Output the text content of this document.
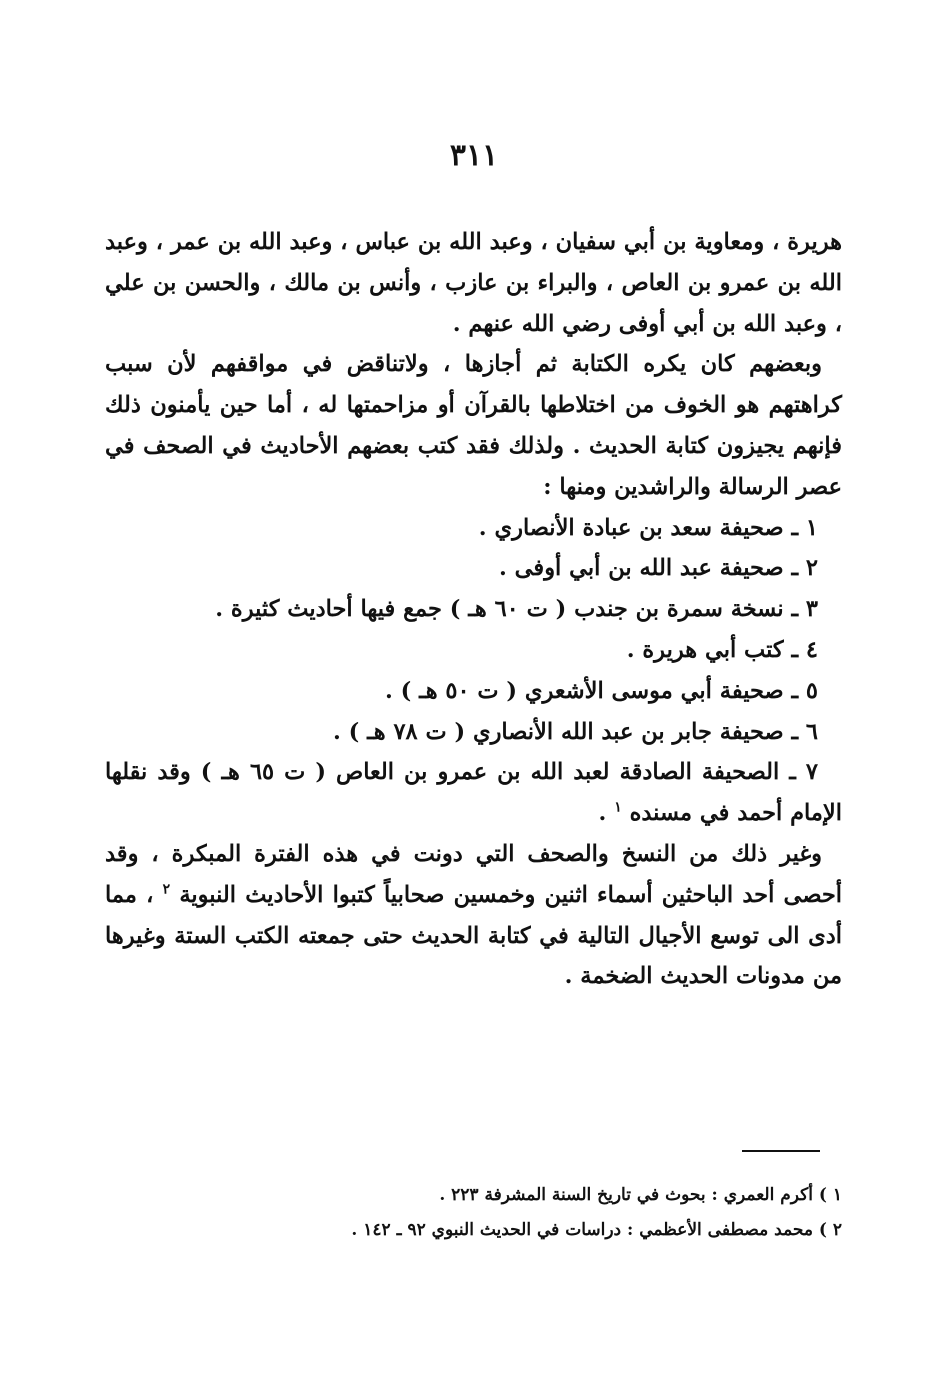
٣١١

هريرة ، ومعاوية بن أبي سفيان ، وعبد الله بن عباس ، وعبد الله بن عمر ، وعبد الله بن عمرو بن العاص ، والبراء بن عازب ، وأنس بن مالك ، والحسن بن علي ، وعبد الله بن أبي أوفى رضي الله عنهم .

وبعضهم كان يكره الكتابة ثم أجازها ، ولاتناقض في مواقفهم لأن سبب كراهتهم هو الخوف من اختلاطها بالقرآن أو مزاحمتها له ، أما حين يأمنون ذلك فإنهم يجيزون كتابة الحديث . ولذلك فقد كتب بعضهم الأحاديث في الصحف في عصر الرسالة والراشدين ومنها :

١ ـ صحيفة سعد بن عبادة الأنصاري .

٢ ـ صحيفة عبد الله بن أبي أوفى .

٣ ـ نسخة سمرة بن جندب ( ت ٦٠ هـ ) جمع فيها أحاديث كثيرة .

٤ ـ كتب أبي هريرة .

٥ ـ صحيفة أبي موسى الأشعري ( ت ٥٠ هـ ) .

٦ ـ صحيفة جابر بن عبد الله الأنصاري ( ت ٧٨ هـ ) .

٧ ـ الصحيفة الصادقة لعبد الله بن عمرو بن العاص ( ت ٦٥ هـ ) وقد نقلها الإمام أحمد في مسنده $^١$ .

وغير ذلك من النسخ والصحف التي دونت في هذه الفترة المبكرة ، وقد أحصى أحد الباحثين أسماء اثنين وخمسين صحابياً كتبوا الأحاديث النبوية $^٢$ ، مما أدى الى توسع الأجيال التالية في كتابة الحديث حتى جمعته الكتب الستة وغيرها من مدونات الحديث الضخمة .

١ ) أكرم العمري : بحوث في تاريخ السنة المشرفة ٢٢٣ .

٢ ) محمد مصطفى الأعظمي : دراسات في الحديث النبوي ٩٢ ـ ١٤٢ .
